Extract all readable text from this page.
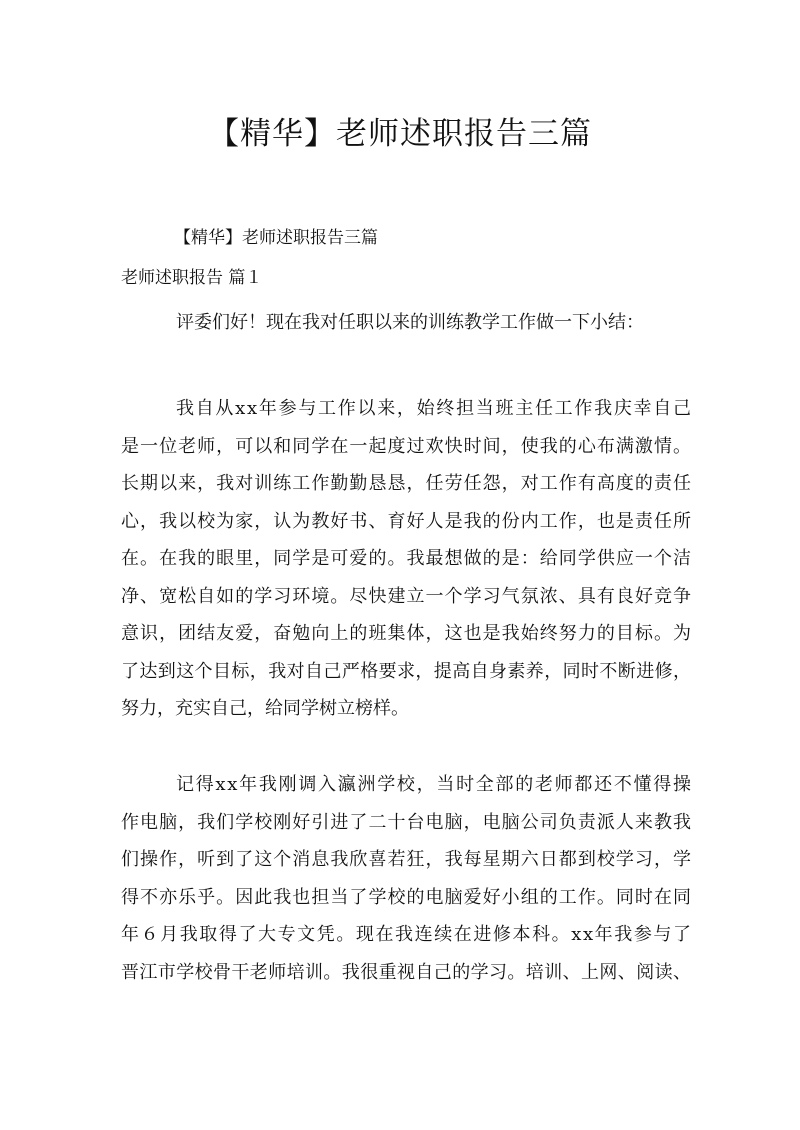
【精华】老师述职报告三篇

【精华】老师述职报告三篇

老师述职报告 篇１

评委们好！现在我对任职以来的训练教学工作做一下小结：

我自从xx年参与工作以来，始终担当班主任工作我庆幸自己
是一位老师，可以和同学在一起度过欢快时间，使我的心布满激情。
长期以来，我对训练工作勤勤恳恳，任劳任怨，对工作有高度的责任
心，我以校为家，认为教好书、育好人是我的份内工作，也是责任所
在。在我的眼里，同学是可爱的。我最想做的是：给同学供应一个洁
净、宽松自如的学习环境。尽快建立一个学习气氛浓、具有良好竞争
意识，团结友爱，奋勉向上的班集体，这也是我始终努力的目标。为
了达到这个目标，我对自己严格要求，提高自身素养，同时不断进修，
努力，充实自己，给同学树立榜样。
记得xx年我刚调入瀛洲学校，当时全部的老师都还不懂得操
作电脑，我们学校刚好引进了二十台电脑，电脑公司负责派人来教我
们操作，听到了这个消息我欣喜若狂，我每星期六日都到校学习，学
得不亦乐乎。因此我也担当了学校的电脑爱好小组的工作。同时在同
年６月我取得了大专文凭。现在我连续在进修本科。xx年我参与了
晋江市学校骨干老师培训。我很重视自己的学习。培训、上网、阅读、
